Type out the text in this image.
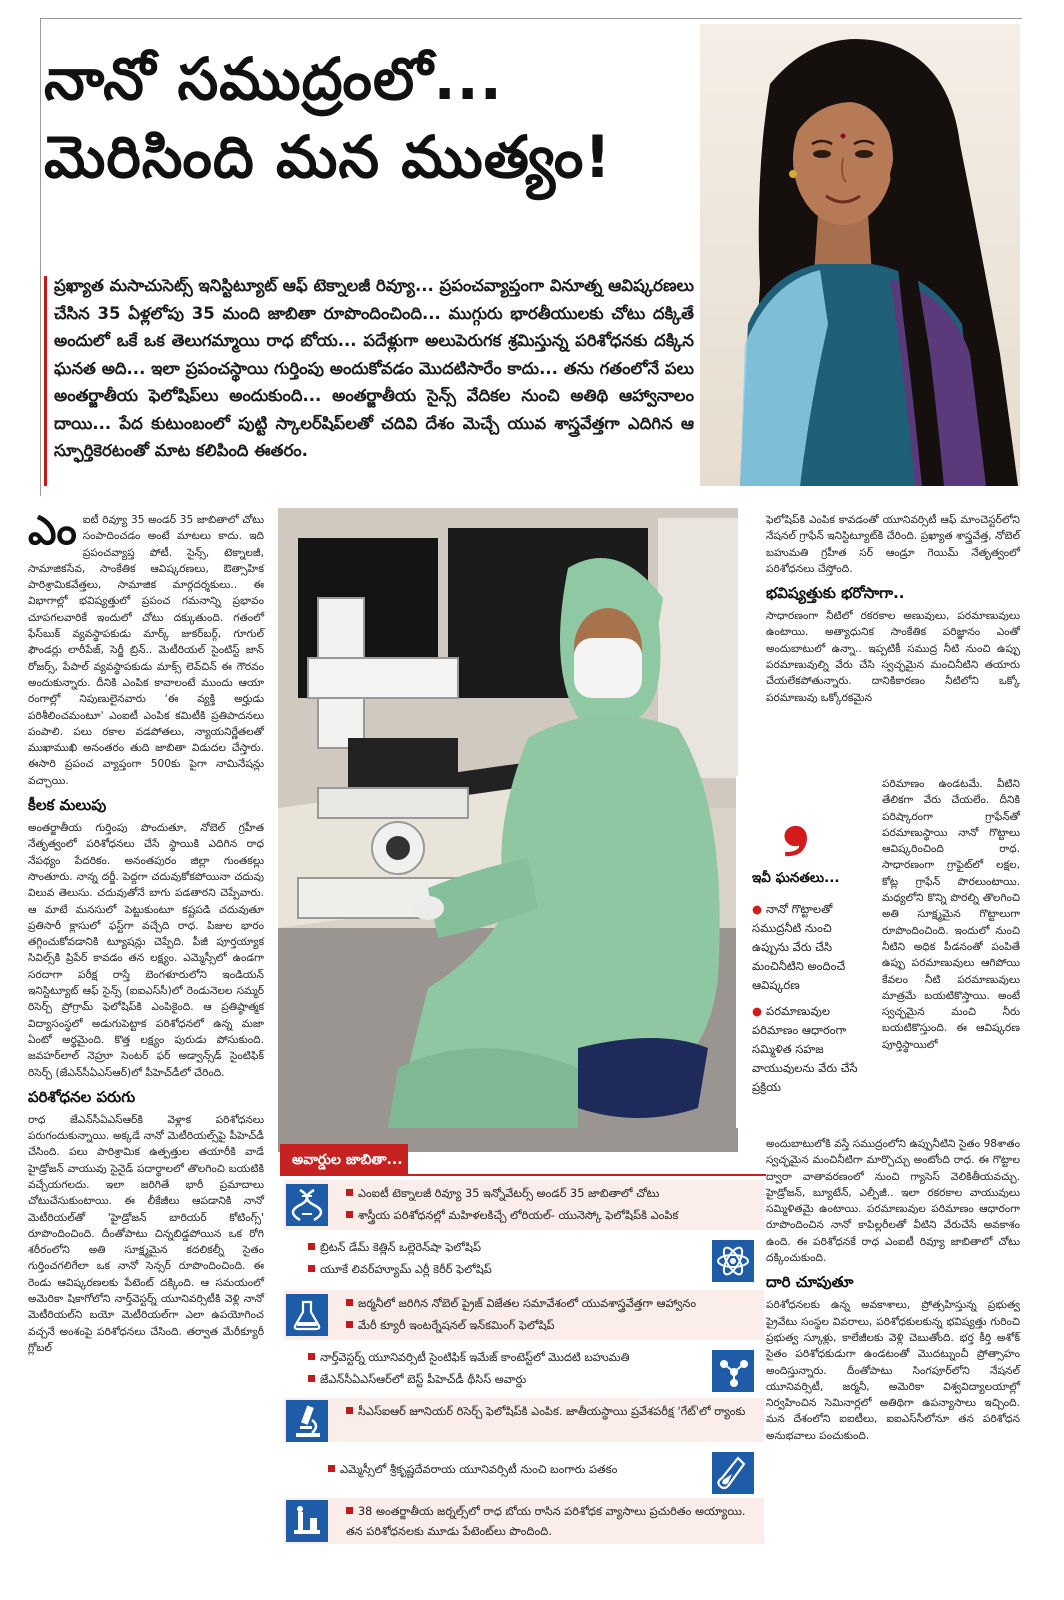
నానో సముద్రంలో...
మెరిసింది మన ముత్యం!

ప్రఖ్యాత మసాచుసెట్స్ ఇనిస్టిట్యూట్ ఆఫ్ టెక్నాలజీ రివ్యూ... ప్రపంచవ్యాప్తంగా వినూత్న ఆవిష్కరణలు చేసిన 35 ఏళ్లలోపు 35 మంది జాబితా రూపొందించింది... ముగ్గురు భారతీయులకు చోటు దక్కితే అందులో ఒకే ఒక తెలుగమ్మాయి రాధ బోయ... పదేళ్లుగా అలుపెరుగక శ్రమిస్తున్న పరిశోధనకు దక్కిన ఘనత అది... ఇలా ప్రపంచస్థాయి గుర్తింపు అందుకోవడం మొదటిసారేం కాదు... తను గతంలోనే పలు అంతర్జాతీయ ఫెలోషిప్‌లు అందుకుంది... అంతర్జాతీయ సైన్స్ వేదికల నుంచి అతిథి ఆహ్వానాలం దాయి... పేద కుటుంబంలో పుట్టి స్కాలర్‌షిప్‌లతో చదివి దేశం మెచ్చే యువ శాస్త్రవేత్తగా ఎదిగిన ఆ స్ఫూర్తికెరటంతో మాట కలిపింది ఈతరం.

ఎంఐటీ రివ్యూ 35 అండర్ 35 జాబితాలో చోటు సంపాదించడం అంటే మాటలు కాదు. ఇది ప్రపంచవ్యాప్త పోటీ. సైన్స్, టెక్నాలజీ, సామాజికసేవ, సాంకేతిక ఆవిష్కరణలు, ఔత్సాహిక పారిశ్రామికవేత్తలు, సామాజిక మార్గదర్శకులు.. ఈ విభాగాల్లో భవిష్యత్తులో ప్రపంచ గమనాన్ని ప్రభావం చూపగలవారికే ఇందులో చోటు దక్కుతుంది. గతంలో ఫేస్‌బుక్ వ్యవస్థాపకుడు మార్క్ జుకర్‌బర్గ్, గూగుల్ ఫౌండర్లు లారీపేజ్, సెర్జీ బ్రిన్.. మెటీరియల్ సైంటిస్ట్ జాన్ రోజర్స్, పేపాల్ వ్యవస్థాపకుడు మాక్స్ లెవ్‌చిన్ ఈ గౌరవం అందుకున్నారు. దీనికి ఎంపిక కావాలంటే ముందు ఆయా రంగాల్లో నిపుణులైనవారు 'ఈ వ్యక్తి అర్హుడు పరిశీలించమంటూ' ఎంఐటీ ఎంపిక కమిటీకి ప్రతిపాదనలు పంపాలి. పలు రకాల వడపోతలు, న్యాయనిర్ణేతలతో ముఖాముఖి అనంతరం తుది జాబితా విడుదల చేస్తారు. ఈసారి ప్రపంచ వ్యాప్తంగా 500కు పైగా నామినేషన్లు వచ్చాయి.

కీలక మలుపు

అంతర్జాతీయ గుర్తింపు పొందుతూ, నోబెల్ గ్రహీత నేతృత్వంలో పరిశోధనలు చేసే స్థాయికి ఎదిగిన రాధ నేపథ్యం పేదరికం. అనంతపురం జిల్లా గుంతకల్లు సొంతూరు. నాన్న దర్జీ. పెద్దగా చదువుకోకపోయినా చదువు విలువ తెలుసు. చదువుతోనే బాగు పడతారని చెప్పేవారు. ఆ మాటే మనసులో పెట్టుకుంటూ కష్టపడి చదువుతూ ప్రతిసారీ క్లాసులో ఫస్ట్‌గా వచ్చేది రాధ. పిజుల భారం తగ్గించుకోవడానికి ట్యూషన్లు చెప్పేది. పీజీ పూర్తయ్యాక సివిల్స్‌కి ప్రిపేర్ కావడం తన లక్ష్యం. ఎమ్మెస్సీలో ఉండగా సరదాగా పరీక్ష రాస్తే బెంగళూరులోని ఇండియన్ ఇనిస్టిట్యూట్ ఆఫ్ సైన్స్ (ఐఐఎస్‌సీ)లో రెండునెలల సమ్మర్ రిసెర్చ్ ప్రోగ్రామ్ ఫెలోషిప్‌కి ఎంపికైంది. ఆ ప్రతిష్ఠాత్మక విద్యాసంస్థలో అడుగుపెట్టాక పరిశోధనలో ఉన్న మజా ఏంటో అర్థమైంది. కొత్త లక్ష్యం పురుడు పోసుకుంది. జవహర్‌లాల్ నెహ్రూ సెంటర్ ఫర్ అడ్వాన్స్‌డ్ సైంటిఫిక్ రిసెర్చ్ (జేఎన్‌సీఏఎస్‌ఆర్)లో పీహెచ్‌డీలో చేరింది.

పరిశోధనల పరుగు

రాధ జేఎన్‌సీఏఎస్‌ఆర్‌కి వెళ్లాక పరిశోధనలు పరుగందుకున్నాయి. అక్కడే నానో మెటీరియల్స్‌పై పీహెచ్‌డీ చేసింది. పలు పారిశ్రామిక ఉత్పత్తుల తయారీకి వాడే హైడ్రోజన్ వాయువు సైనైడ్ పదార్థాలలో తొలగించి బయటికి వచ్చేయగలదు. ఇలా జరిగితే భారీ ప్రమాదాలు చోటుచేసుకుంటాయి. ఈ లీకేజీలు ఆపడానికి నానో మెటీరియల్‌తో 'హైడ్రోజన్ బారియర్ కోటింగ్స్' రూపొందించింది. దీంతోపాటు చిన్నబిడ్డపోయిన ఒక రోగి శరీరంలోని అతి సూక్ష్మమైన కదలికల్నీ సైతం గుర్తించగలిగేలా ఒక నానో సెన్సర్ రూపొందించింది. ఈ రెండు ఆవిష్కరణలకు పేటెంట్ దక్కింది. ఆ సమయంలో అమెరికా షికాగోలోని నార్త్‌వెస్టర్న్ యూనివర్సిటీకి వెళ్లి నానో మెటీరియల్‌ని బయో మెటీరియల్‌గా ఎలా ఉపయోగించ వచ్చనే అంశంపై పరిశోధనలు చేసింది. తర్వాత మేరీక్యూరీ గ్లోబల్

❟

ఇవీ ఘనతలు...

● నానో గొట్టాలతో సముద్రనీటి నుంచి ఉప్పును వేరు చేసి మంచినీటిని అందించే ఆవిష్కరణ

● పరమాణువుల పరిమాణం ఆధారంగా సమ్మిళిత సహజ వాయువులను వేరు చేసే ప్రక్రియ

ఫెలోషిప్‌కి ఎంపిక కావడంతో యూనివర్సిటీ ఆఫ్ మాంచెస్టర్‌లోని నేషనల్ గ్రాఫేన్ ఇనిస్టిట్యూట్‌కి చేరింది. ప్రఖ్యాత శాస్త్రవేత్త, నోబెల్ బహుమతి గ్రహీత సర్ ఆండ్రూ గెయిమ్ నేతృత్వంలో పరిశోధనలు చేస్తోంది.

భవిష్యత్తుకు భరోసాగా..

సాధారణంగా నీటిలో రకరకాల అణువులు, పరమాణువులు ఉంటాయి. అత్యాధునిక సాంకేతిక పరిజ్ఞానం ఎంతో అందుబాటులో ఉన్నా.. ఇప్పటికీ సముద్ర నీటి నుంచి ఉప్పు పరమాణువుల్ని వేరు చేసి స్వచ్ఛమైన మంచినీటిని తయారు చేయలేకపోతున్నారు. దానికికారణం నీటిలోని ఒక్కో పరమాణువు ఒక్కోరకమైన

పరిమాణం ఉండటమే. వీటిని తేలికగా వేరు చేయలేం. దీనికి పరిష్కారంగా గ్రాఫేన్‌తో పరమాణుస్థాయి నానో గొట్టాలు ఆవిష్కరించింది రాధ. సాధారణంగా గ్రాఫైట్‌లో లక్షల, కోట్ల గ్రాఫేన్ పొరలుంటాయి. మధ్యలోని కొన్ని పొరల్ని తొలగించి అతి సూక్ష్మమైన గొట్టాలుగా రూపొందించింది. ఇందులో నుంచి నీటిని అధిక పీడనంతో పంపితే ఉప్పు పరమాణువులు ఆగిపోయి కేవలం నీటి పరమాణువులు మాత్రమే బయటికొస్తాయి. అంటే స్వచ్ఛమైన మంచి నీరు బయటికొస్తుంది. ఈ ఆవిష్కరణ పూర్తిస్థాయిలో

అందుబాటులోకి వస్తే సముద్రంలోని ఉప్పునీటిని సైతం 98శాతం స్వచ్ఛమైన మంచినీటిగా మార్చొచ్చు అంటోంది రాధ. ఈ గొట్టాల ద్వారా వాతావరణంలో నుంచి గ్యాసెస్ వెలికితీయవచ్చు. హైడ్రోజన్, బ్యూటేన్, ఎల్పీజీ.. ఇలా రకరకాల వాయువులు సమ్మిళితమై ఉంటాయి. పరమాణువుల పరిమాణం ఆధారంగా రూపొందించిన నానో కాపిల్లరీలతో వీటిని వేరుచేసే అవకాశం ఉంది. ఈ పరిశోధనకే రాధ ఎంఐటీ రివ్యూ జాబితాలో చోటు దక్కించుకుంది.

దారి చూపుతూ

పరిశోధనలకు ఉన్న అవకాశాలు, ప్రోత్సహిస్తున్న ప్రభుత్వ ప్రైవేటు సంస్థల వివరాలు, పరిశోధకులకున్న భవిష్యత్తు గురించి ప్రభుత్వ స్కూళ్లు, కాలేజీలకు వెళ్లి చెబుతోంది. భర్త కీర్తి అశోక్ సైతం పరిశోధకుడుగా ఉండటంతో మొదట్నుంచీ ప్రోత్సాహం అందిస్తున్నారు. దీంతోపాటు సింగపూర్‌లోని నేషనల్ యూనివర్సిటీ, జర్మనీ, అమెరికా విశ్వవిద్యాలయాల్లో నిర్వహించిన సెమినార్లలో అతిథిగా ఉపన్యాసాలు ఇచ్చింది. మన దేశంలోని ఐఐటీలు, ఐఐఎస్‌సీలోనూ తన పరిశోధన అనుభవాలు పంచుకుంది.

అవార్డుల జాబితా...
ఎంఐటీ టెక్నాలజీ రివ్యూ 35 ఇన్నోవేటర్స్ అండర్ 35 జాబితాలో చోటు
శాస్త్రీయ పరిశోధనల్లో మహిళలకిచ్చే లోరియల్- యునెస్కో ఫెలోషిప్‌కి ఎంపిక
బ్రిటన్ డేమ్ కెత్లిన్ ఒల్లెరెన్‌షా ఫెలోషిప్
యూకే లివర్‌హ్యూమ్ ఎర్లీ కెరీర్ ఫెలోషిప్
జర్మనీలో జరిగిన నోబెల్ ప్రైజ్ విజేతల సమావేశంలో యువశాస్త్రవేత్తగా ఆహ్వానం
మేరీ క్యూరీ ఇంటర్నేషనల్ ఇన్‌కమింగ్ ఫెలోషిప్
నార్త్‌వెస్టర్న్ యూనివర్సిటీ సైంటిఫిక్ ఇమేజ్ కాంటెస్ట్‌లో మొదటి బహుమతి
జేఎన్‌సీఏఎస్‌ఆర్‌లో బెస్ట్ పీహెచ్‌డీ థీసిస్ అవార్డు
సీఎస్‌ఐఆర్ జూనియర్ రిసెర్చ్ ఫెలోషిప్‌కి ఎంపిక. జాతీయస్థాయి ప్రవేశపరీక్ష 'గేట్'లో ర్యాంకు
ఎమ్మెస్సీలో శ్రీకృష్ణదేవరాయ యూనివర్సిటీ నుంచి బంగారు పతకం
38 అంతర్జాతీయ జర్నల్స్‌లో రాధ బోయ రాసిన పరిశోధక వ్యాసాలు ప్రచురితం అయ్యాయి. తన పరిశోధనలకు మూడు పేటెంట్‌లు పొందింది.
